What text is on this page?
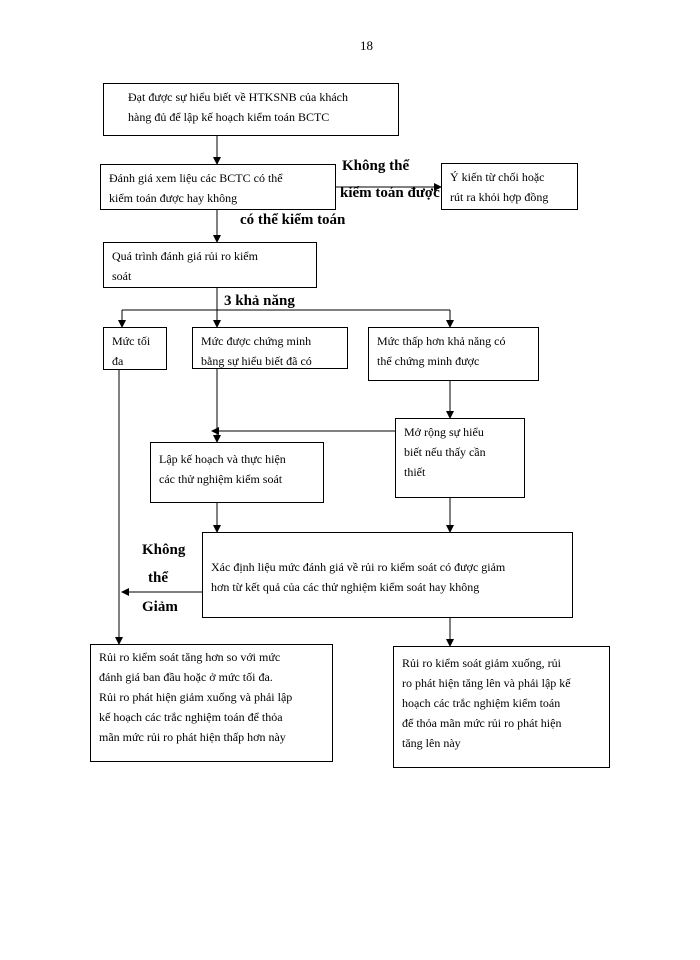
18
Đạt được sự hiểu biết về HTKSNB của khách
hàng đủ để lập kế hoạch kiểm toán BCTC
Đánh giá xem liệu các BCTC có thể
kiểm toán được hay không
Ý kiến từ chối hoặc
rút ra khỏi hợp đồng
Quá trình đánh giá rủi ro kiểm
soát
Mức tối
đa
Mức được chứng minh
bằng sự hiểu biết đã có
Mức thấp hơn khả năng có
thể chứng minh được
Mở rộng sự hiểu
biết nếu thấy cần
thiết
Lập kế hoạch và thực hiện
các thử nghiệm kiểm soát
Xác định liệu mức đánh giá về rủi ro kiểm soát có được giảm
hơn từ kết quả của các thử nghiệm kiểm soát hay không
Rủi ro kiểm soát tăng hơn so với mức
đánh giá ban đầu hoặc ở mức tối đa.
Rủi ro phát hiện giảm xuống và phải lập
kế hoạch các trắc nghiệm toán để thỏa
mãn mức rủi ro phát hiện thấp hơn này
Rủi ro kiểm soát giảm xuống, rủi
ro phát hiện tăng lên và phải lập kế
hoạch các trắc nghiệm kiểm toán
để thỏa mãn mức rủi ro phát hiện
tăng lên này
Không thể
kiểm toán được
có thể kiểm toán
3 khả năng
Không
thể
Giảm
